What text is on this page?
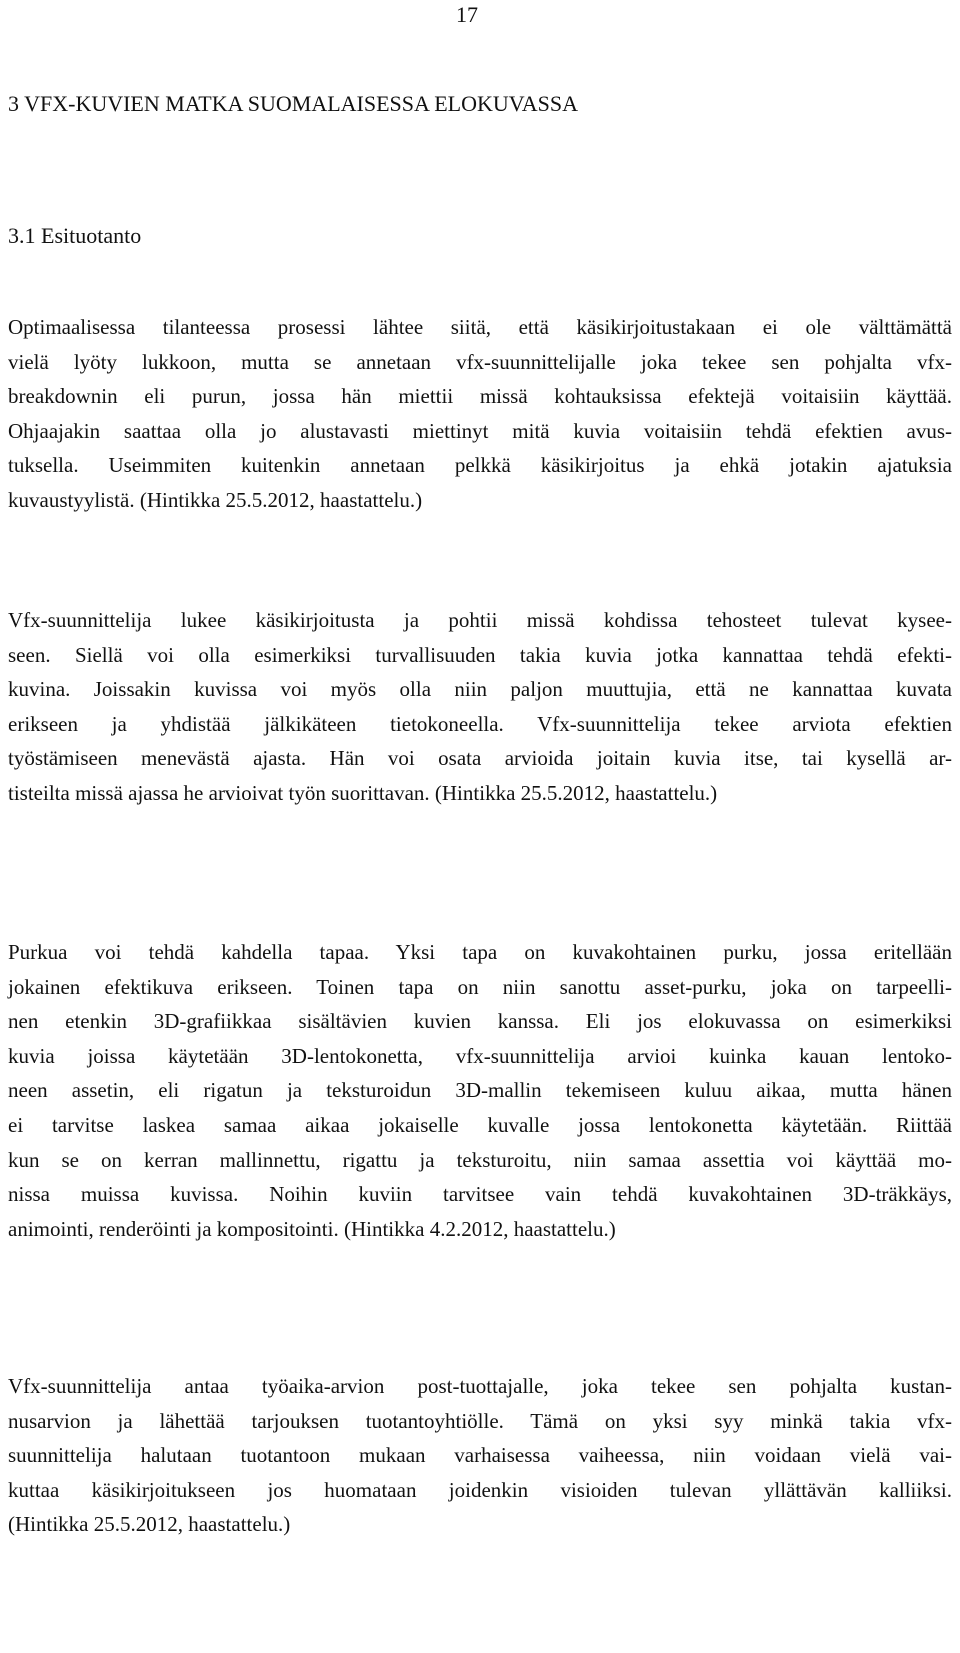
17
3 VFX-KUVIEN MATKA SUOMALAISESSA ELOKUVASSA
3.1 Esituotanto
Optimaalisessa tilanteessa prosessi lähtee siitä, että käsikirjoitustakaan ei ole välttämättä
vielä lyöty lukkoon, mutta se annetaan vfx-suunnittelijalle joka tekee sen pohjalta vfx-
breakdownin eli purun, jossa hän miettii missä kohtauksissa efektejä voitaisiin käyttää.
Ohjaajakin saattaa olla jo alustavasti miettinyt mitä kuvia voitaisiin tehdä efektien avus-
tuksella. Useimmiten kuitenkin annetaan pelkkä käsikirjoitus ja ehkä jotakin ajatuksia
kuvaustyylistä. (Hintikka 25.5.2012, haastattelu.)
Vfx-suunnittelija lukee käsikirjoitusta ja pohtii missä kohdissa tehosteet tulevat kysee-
seen. Siellä voi olla esimerkiksi turvallisuuden takia kuvia jotka kannattaa tehdä efekti-
kuvina. Joissakin kuvissa voi myös olla niin paljon muuttujia, että ne kannattaa kuvata
erikseen ja yhdistää jälkikäteen tietokoneella. Vfx-suunnittelija tekee arviota efektien
työstämiseen menevästä ajasta. Hän voi osata arvioida joitain kuvia itse, tai kysellä ar-
tisteilta missä ajassa he arvioivat työn suorittavan. (Hintikka 25.5.2012, haastattelu.)
Purkua voi tehdä kahdella tapaa. Yksi tapa on kuvakohtainen purku, jossa eritellään
jokainen efektikuva erikseen. Toinen tapa on niin sanottu asset-purku, joka on tarpeelli-
nen etenkin 3D-grafiikkaa sisältävien kuvien kanssa. Eli jos elokuvassa on esimerkiksi
kuvia joissa käytetään 3D-lentokonetta, vfx-suunnittelija arvioi kuinka kauan lentoko-
neen assetin, eli rigatun ja teksturoidun 3D-mallin tekemiseen kuluu aikaa, mutta hänen
ei tarvitse laskea samaa aikaa jokaiselle kuvalle jossa lentokonetta käytetään. Riittää
kun se on kerran mallinnettu, rigattu ja teksturoitu, niin samaa assettia voi käyttää mo-
nissa muissa kuvissa. Noihin kuviin tarvitsee vain tehdä kuvakohtainen 3D-träkkäys,
animointi, renderöinti ja kompositointi. (Hintikka 4.2.2012, haastattelu.)
Vfx-suunnittelija antaa työaika-arvion post-tuottajalle, joka tekee sen pohjalta kustan-
nusarvion ja lähettää tarjouksen tuotantoyhtiölle. Tämä on yksi syy minkä takia vfx-
suunnittelija halutaan tuotantoon mukaan varhaisessa vaiheessa, niin voidaan vielä vai-
kuttaa käsikirjoitukseen jos huomataan joidenkin visioiden tulevan yllättävän kalliiksi.
(Hintikka 25.5.2012, haastattelu.)
